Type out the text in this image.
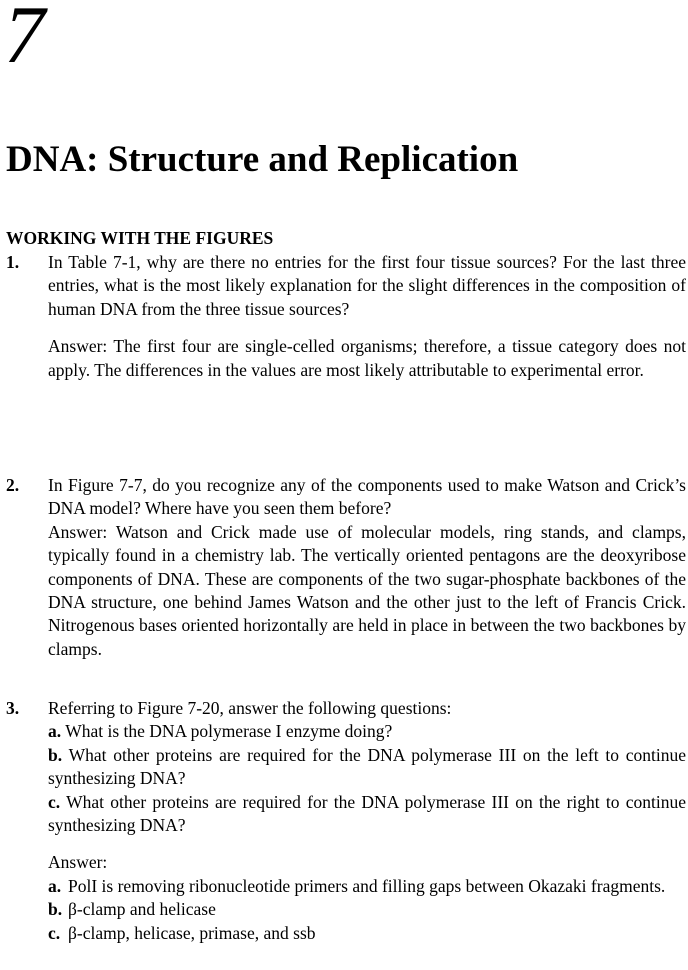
7
DNA: Structure and Replication
WORKING WITH THE FIGURES
1. In Table 7-1, why are there no entries for the first four tissue sources? For the last three entries, what is the most likely explanation for the slight differences in the composition of human DNA from the three tissue sources?

Answer: The first four are single-celled organisms; therefore, a tissue category does not apply. The differences in the values are most likely attributable to experimental error.

2. In Figure 7-7, do you recognize any of the components used to make Watson and Crick’s DNA model? Where have you seen them before?

Answer: Watson and Crick made use of molecular models, ring stands, and clamps, typically found in a chemistry lab. The vertically oriented pentagons are the deoxyribose components of DNA. These are components of the two sugar-phosphate backbones of the DNA structure, one behind James Watson and the other just to the left of Francis Crick. Nitrogenous bases oriented horizontally are held in place in between the two backbones by clamps.

3. Referring to Figure 7-20, answer the following questions:

a. What is the DNA polymerase I enzyme doing?

b. What other proteins are required for the DNA polymerase III on the left to continue synthesizing DNA?

c. What other proteins are required for the DNA polymerase III on the right to continue synthesizing DNA?

Answer:

a. PolI is removing ribonucleotide primers and filling gaps between Okazaki fragments.

b. β-clamp and helicase

c. β-clamp, helicase, primase, and ssb
